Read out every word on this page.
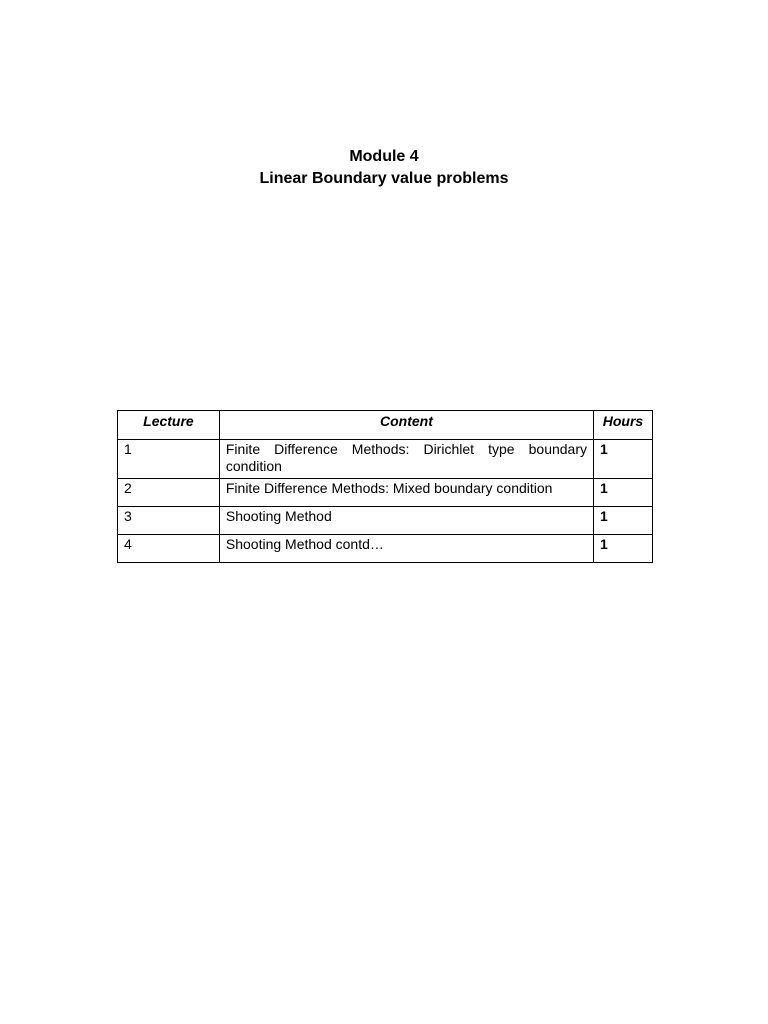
Module 4
Linear Boundary value problems
Lecture	Content	Hours
1	Finite Difference Methods: Dirichlet type boundary condition	1
2	Finite Difference Methods: Mixed boundary condition	1
3	Shooting Method	1
4	Shooting Method contd…	1
